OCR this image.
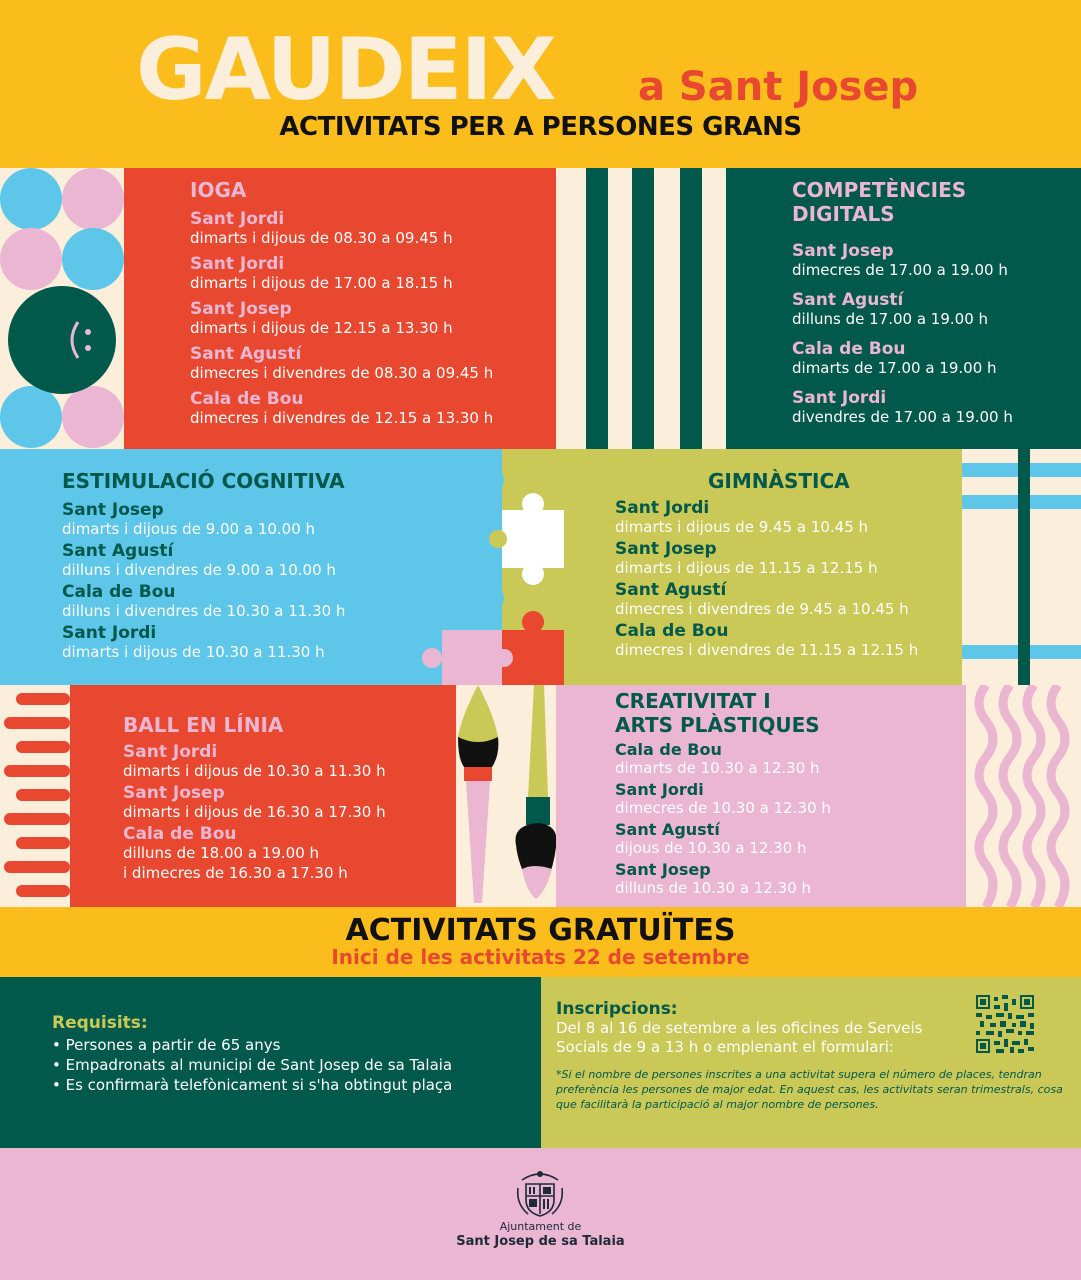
GAUDEIX a Sant Josep
ACTIVITATS PER A PERSONES GRANS
IOGA
Sant Jordi
dimarts i dijous de 08.30 a 09.45 h
Sant Jordi
dimarts i dijous de 17.00 a 18.15 h
Sant Josep
dimarts i dijous de 12.15 a 13.30 h
Sant Agustí
dimecres i divendres de 08.30 a 09.45 h
Cala de Bou
dimecres i divendres de 12.15 a 13.30 h
COMPETÈNCIES
DIGITALS
Sant Josep
dimecres de 17.00 a 19.00 h
Sant Agustí
dilluns de 17.00 a 19.00 h
Cala de Bou
dimarts de 17.00 a 19.00 h
Sant Jordi
divendres de 17.00 a 19.00 h
ESTIMULACIÓ COGNITIVA
Sant Josep
dimarts i dijous de 9.00 a 10.00 h
Sant Agustí
dilluns i divendres de 9.00 a 10.00 h
Cala de Bou
dilluns i divendres de 10.30 a 11.30 h
Sant Jordi
dimarts i dijous de 10.30 a 11.30 h
GIMNÀSTICA
Sant Jordi
dimarts i dijous de 9.45 a 10.45 h
Sant Josep
dimarts i dijous de 11.15 a 12.15 h
Sant Agustí
dimecres i divendres de 9.45 a 10.45 h
Cala de Bou
dimecres i divendres de 11.15 a 12.15 h
BALL EN LÍNIA
Sant Jordi
dimarts i dijous de 10.30 a 11.30 h
Sant Josep
dimarts i dijous de 16.30 a 17.30 h
Cala de Bou
dilluns de 18.00 a 19.00 h
i dimecres de 16.30 a 17.30 h
CREATIVITAT I
ARTS PLÀSTIQUES
Cala de Bou
dimarts de 10.30 a 12.30 h
Sant Jordi
dimecres de 10.30 a 12.30 h
Sant Agustí
dijous de 10.30 a 12.30 h
Sant Josep
dilluns de 10.30 a 12.30 h
ACTIVITATS GRATUÏTES
Inici de les activitats 22 de setembre
Requisits:
• Persones a partir de 65 anys
• Empadronats al municipi de Sant Josep de sa Talaia
• Es confirmarà telefònicament si s'ha obtingut plaça
Inscripcions:
Del 8 al 16 de setembre a les oficines de Serveis Socials de 9 a 13 h o emplenant el formulari:
*Si el nombre de persones inscrites a una activitat supera el número de places, tendran preferència les persones de major edat. En aquest cas, les activitats seran trimestrals, cosa que facilitarà la participació al major nombre de persones.
Ajuntament de
Sant Josep de sa Talaia
